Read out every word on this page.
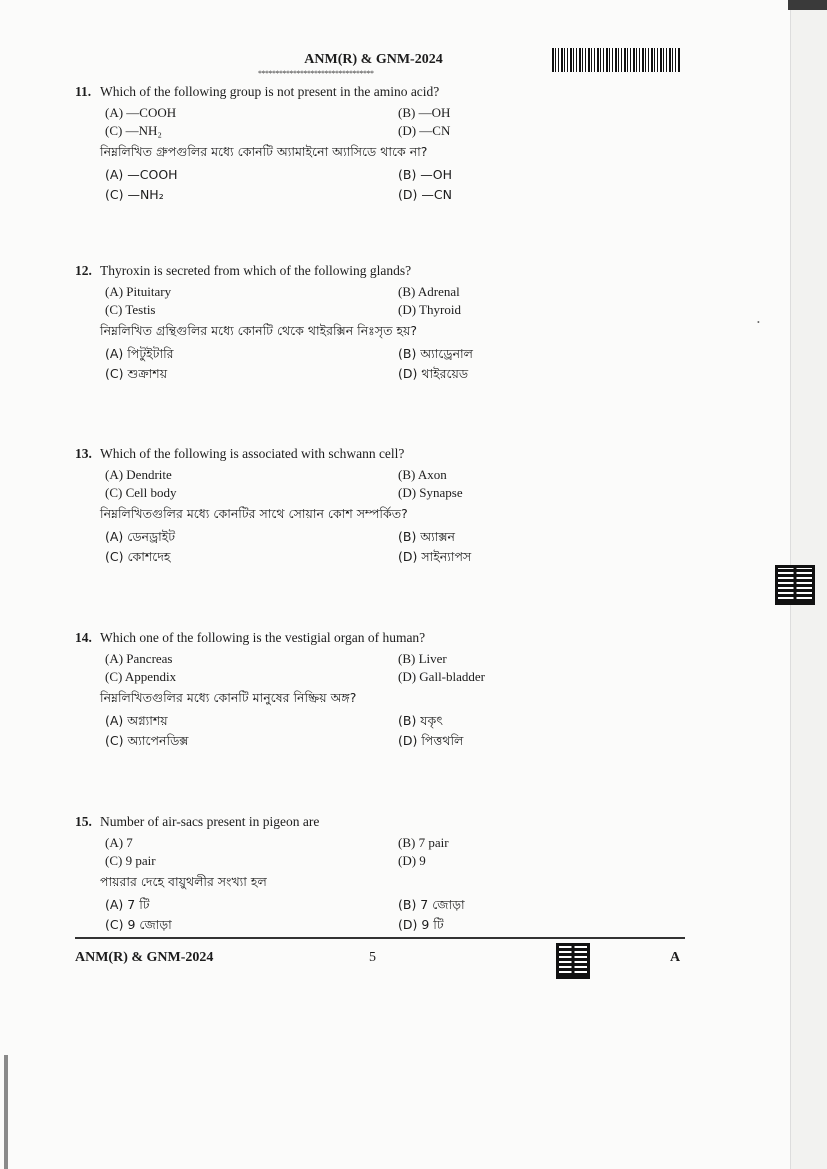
ANM(R) & GNM-2024
*********************************
•
11. Which of the following group is not present in the amino acid?
(A) —COOH	(B) —OH
(C) —NH₂	(D) —CN
নিম্নলিখিত গ্রুপগুলির মধ্যে কোনটি অ্যামাইনো অ্যাসিডে থাকে না?
(A) —COOH	(B) —OH
(C) —NH₂	(D) —CN
12. Thyroxin is secreted from which of the following glands?
(A) Pituitary	(B) Adrenal
(C) Testis	(D) Thyroid
নিম্নলিখিত গ্রন্থিগুলির মধ্যে কোনটি থেকে থাইরক্সিন নিঃসৃত হয়?
(A) পিটুইটারি	(B) অ্যাড্রেনাল
(C) শুক্রাশয়	(D) থাইরয়েড
13. Which of the following is associated with schwann cell?
(A) Dendrite	(B) Axon
(C) Cell body	(D) Synapse
নিম্নলিখিতগুলির মধ্যে কোনটির সাথে সোয়ান কোশ সম্পর্কিত?
(A) ডেনড্রাইট	(B) অ্যাক্সন
(C) কোশদেহ	(D) সাইন্যাপস
14. Which one of the following is the vestigial organ of human?
(A) Pancreas	(B) Liver
(C) Appendix	(D) Gall-bladder
নিম্নলিখিতগুলির মধ্যে কোনটি মানুষের নিষ্ক্রিয় অঙ্গ?
(A) অগ্ন্যাশয়	(B) যকৃৎ
(C) অ্যাপেনডিক্স	(D) পিত্তথলি
15. Number of air-sacs present in pigeon are
(A) 7	(B) 7 pair
(C) 9 pair	(D) 9
পায়রার দেহে বায়ুথলীর সংখ্যা হল
(A) 7 টি	(B) 7 জোড়া
(C) 9 জোড়া	(D) 9 টি
ANM(R) & GNM-2024	5	A
